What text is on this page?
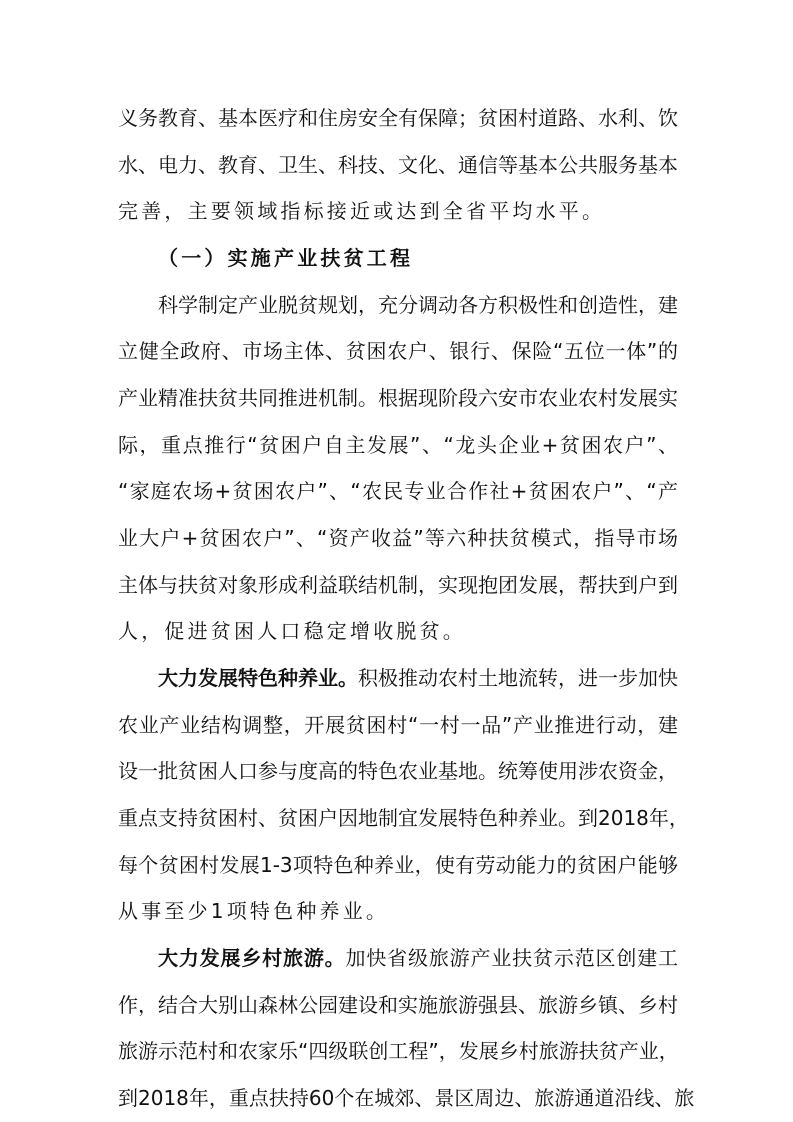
义务教育、基本医疗和住房安全有保障；贫困村道路、水利、饮
水、电力、教育、卫生、科技、文化、通信等基本公共服务基本
完善，主要领域指标接近或达到全省平均水平。
（一）实施产业扶贫工程
科学制定产业脱贫规划，充分调动各方积极性和创造性，建
立健全政府、市场主体、贫困农户、银行、保险“五位一体”的
产业精准扶贫共同推进机制。根据现阶段六安市农业农村发展实
际，重点推行“贫困户自主发展”、“龙头企业+贫困农户”、
“家庭农场+贫困农户”、“农民专业合作社+贫困农户”、“产
业大户+贫困农户”、“资产收益”等六种扶贫模式，指导市场
主体与扶贫对象形成利益联结机制，实现抱团发展，帮扶到户到
人，促进贫困人口稳定增收脱贫。
大力发展特色种养业。积极推动农村土地流转，进一步加快
农业产业结构调整，开展贫困村“一村一品”产业推进行动，建
设一批贫困人口参与度高的特色农业基地。统筹使用涉农资金，
重点支持贫困村、贫困户因地制宜发展特色种养业。到2018年，
每个贫困村发展1-3项特色种养业，使有劳动能力的贫困户能够
从事至少1项特色种养业。
大力发展乡村旅游。加快省级旅游产业扶贫示范区创建工
作，结合大别山森林公园建设和实施旅游强县、旅游乡镇、乡村
旅游示范村和农家乐“四级联创工程”，发展乡村旅游扶贫产业，
到2018年，重点扶持60个在城郊、景区周边、旅游通道沿线、旅
